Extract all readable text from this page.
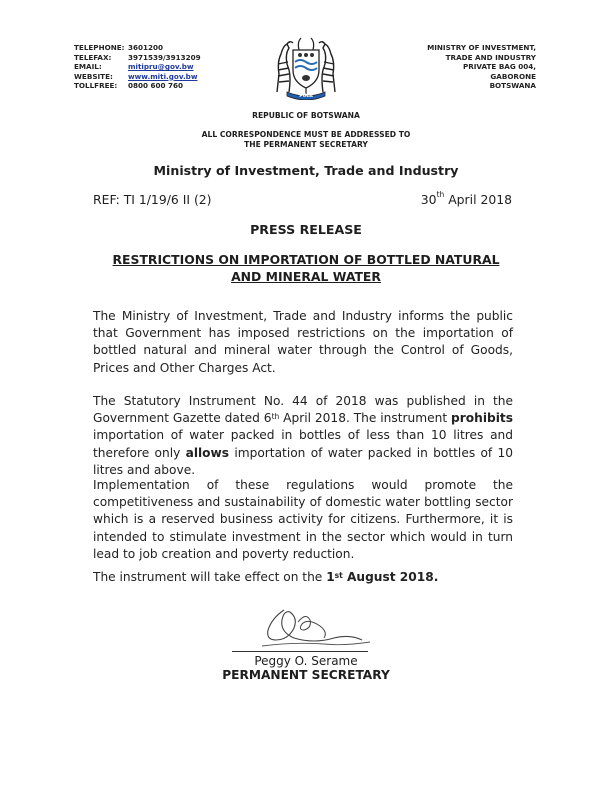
TELEPHONE: 3601200
TELEFAX:	3971539/3913209
EMAIL:	mitipru@gov.bw
WEBSITE:	www.miti.gov.bw
TOLLFREE:	0800 600 760
PULA
MINISTRY OF INVESTMENT,
TRADE AND INDUSTRY
PRIVATE BAG 004,
GABORONE
BOTSWANA
REPUBLIC OF BOTSWANA
ALL CORRESPONDENCE MUST BE ADDRESSED TO
THE PERMANENT SECRETARY
Ministry of Investment, Trade and Industry
REF: TI 1/19/6 II (2)	30th April 2018
PRESS RELEASE
RESTRICTIONS ON IMPORTATION OF BOTTLED NATURAL AND MINERAL WATER
The Ministry of Investment, Trade and Industry informs the public that Government has imposed restrictions on the importation of bottled natural and mineral water through the Control of Goods, Prices and Other Charges Act.
The Statutory Instrument No. 44 of 2018 was published in the Government Gazette dated 6th April 2018. The instrument prohibits importation of water packed in bottles of less than 10 litres and therefore only allows importation of water packed in bottles of 10 litres and above.
Implementation of these regulations would promote the competitiveness and sustainability of domestic water bottling sector which is a reserved business activity for citizens. Furthermore, it is intended to stimulate investment in the sector which would in turn lead to job creation and poverty reduction.
The instrument will take effect on the 1st August 2018.
Peggy O. Serame
PERMANENT SECRETARY
